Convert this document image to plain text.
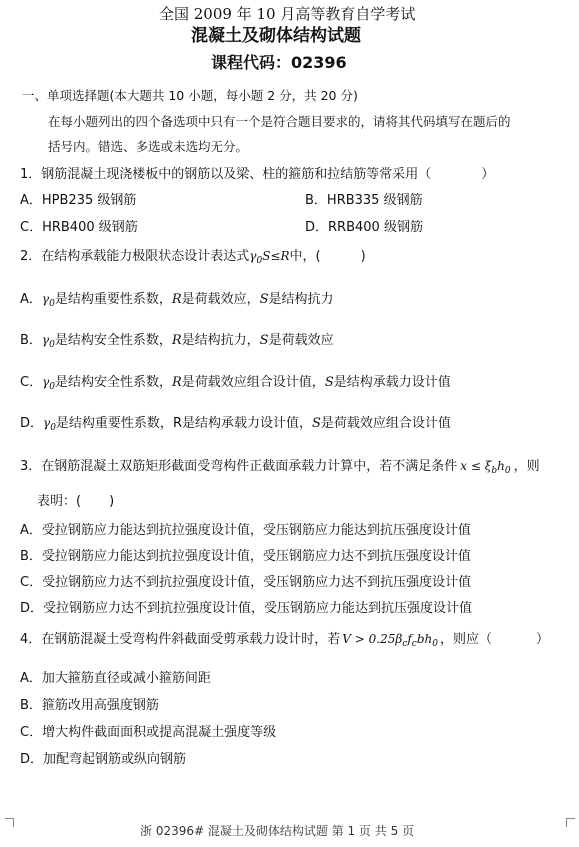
全国 2009 年 10 月高等教育自学考试
混凝土及砌体结构试题
课程代码：02396
一、单项选择题(本大题共 10 小题，每小题 2 分，共 20 分)
在每小题列出的四个备选项中只有一个是符合题目要求的，请将其代码填写在题后的
括号内。错选、多选或未选均无分。
1．钢筋混凝土现浇楼板中的钢筋以及梁、柱的箍筋和拉结筋等常采用（	）
A．HPB235 级钢筋	B．HRB335 级钢筋
C．HRB400 级钢筋	D．RRB400 级钢筋
2．在结构承载能力极限状态设计表达式$\gamma_0S\le R$中，(	)
A．$\gamma_0$是结构重要性系数，R是荷载效应，S是结构抗力
B．$\gamma_0$是结构安全性系数，R是结构抗力，S是荷载效应
C．$\gamma_0$是结构安全性系数，R是荷载效应组合设计值，S是结构承载力设计值
D．$\gamma_0$是结构重要性系数，R是结构承载力设计值，S是荷载效应组合设计值
3．在钢筋混凝土双筋矩形截面受弯构件正截面承载力计算中，若不满足条件 $x \le \xi_bh_0$ ，则
表明：( )
A．受拉钢筋应力能达到抗拉强度设计值，受压钢筋应力能达到抗压强度设计值
B．受拉钢筋应力能达到抗拉强度设计值，受压钢筋应力达不到抗压强度设计值
C．受拉钢筋应力达不到抗拉强度设计值，受压钢筋应力达不到抗压强度设计值
D．受拉钢筋应力达不到抗拉强度设计值，受压钢筋应力能达到抗压强度设计值
4．在钢筋混凝土受弯构件斜截面受剪承载力设计时，若 $V > 0.25\beta_cf_cbh_0$ ，则应（	）
A．加大箍筋直径或减小箍筋间距
B．箍筋改用高强度钢筋
C．增大构件截面面积或提高混凝土强度等级
D．加配弯起钢筋或纵向钢筋
浙 02396# 混凝土及砌体结构试题 第 1 页 共 5 页
